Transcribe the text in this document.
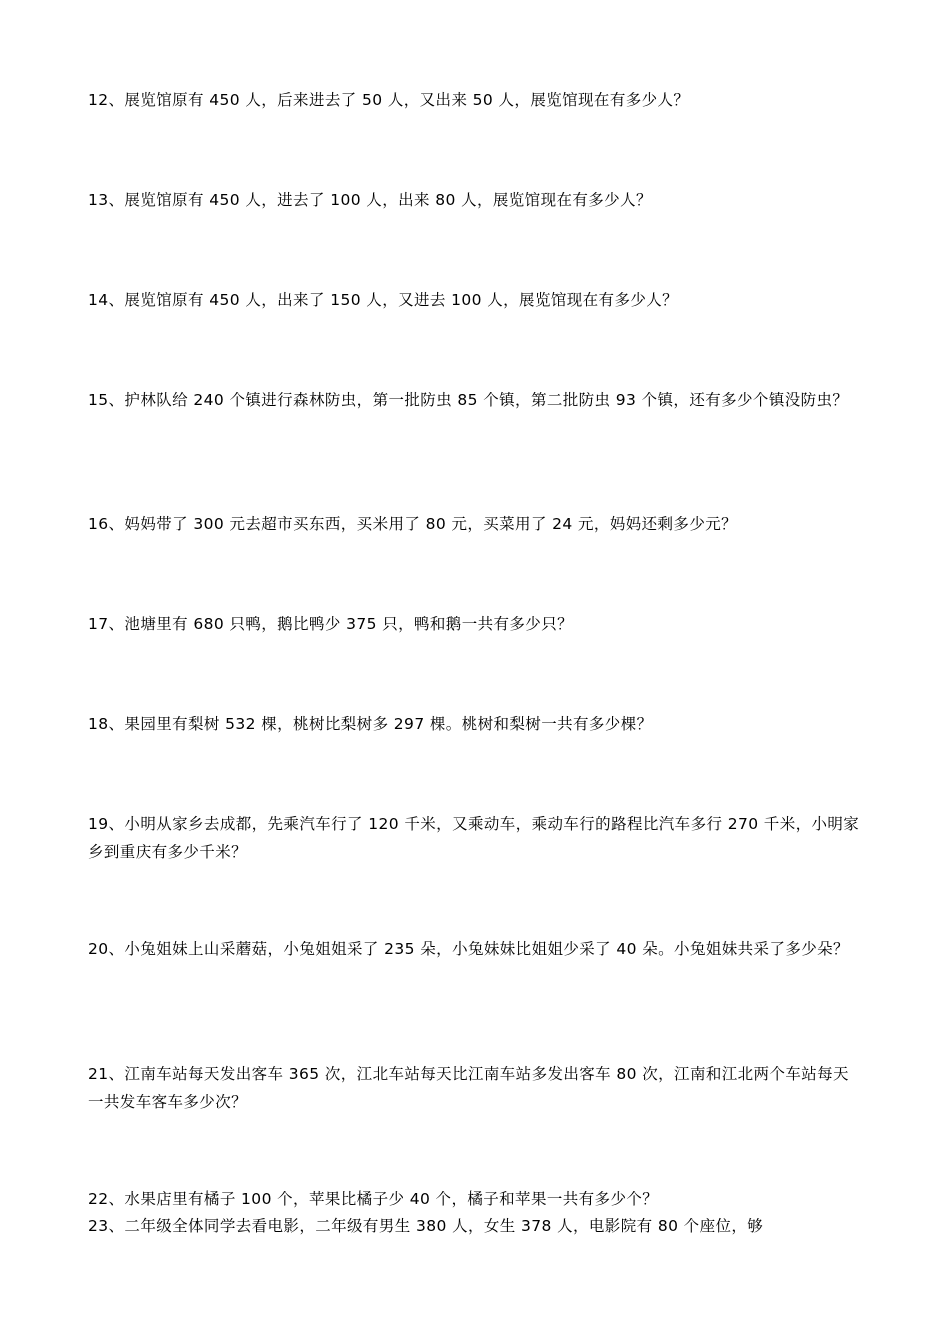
12、展览馆原有 450 人，后来进去了 50 人，又出来 50 人，展览馆现在有多少人？

13、展览馆原有 450 人，进去了 100 人，出来 80 人，展览馆现在有多少人？

14、展览馆原有 450 人，出来了 150 人，又进去 100 人，展览馆现在有多少人？

15、护林队给 240 个镇进行森林防虫，第一批防虫 85 个镇，第二批防虫 93 个镇，还有多少个镇没防虫？

16、妈妈带了 300 元去超市买东西，买米用了 80 元，买菜用了 24 元，妈妈还剩多少元？

17、池塘里有 680 只鸭，鹅比鸭少 375 只，鸭和鹅一共有多少只？

18、果园里有梨树 532 棵，桃树比梨树多 297 棵。桃树和梨树一共有多少棵？

19、小明从家乡去成都，先乘汽车行了 120 千米，又乘动车，乘动车行的路程比汽车多行 270 千米，小明家乡到重庆有多少千米？

20、小兔姐妹上山采蘑菇，小兔姐姐采了 235 朵，小兔妹妹比姐姐少采了 40 朵。小兔姐妹共采了多少朵？

21、江南车站每天发出客车 365 次，江北车站每天比江南车站多发出客车 80 次，江南和江北两个车站每天一共发车客车多少次？

22、水果店里有橘子 100 个，苹果比橘子少 40 个，橘子和苹果一共有多少个？

23、二年级全体同学去看电影，二年级有男生 380 人，女生 378 人，电影院有 80 个座位，够
